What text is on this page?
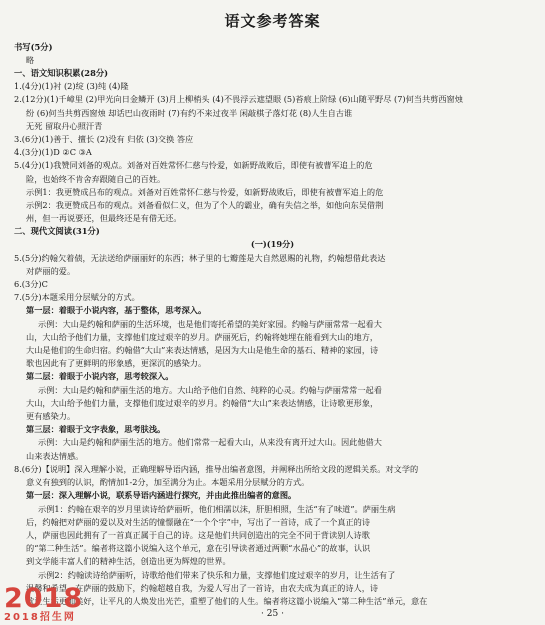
语文参考答案

书写(5分)

略

一、语文知识积累(28分)

1.(4分)(1)衬 (2)绽 (3)纯 (4)隆

2.(12分)(1)千嶂里 (2)甲光向日金鳞开 (3)月上柳梢头 (4)不畏浮云遮望眼 (5)苔痕上阶绿 (6)山随平野尽 (7)何当共剪西窗烛

纷 (6)何当共剪西窗烛 却话巴山夜雨时 (7)有约不来过夜半 闲敲棋子落灯花 (8)人生自古谁

无死 留取丹心照汗青

3.(6分)(1)善于、擅长 (2)没有 归依 (3)交换 答应

4.(3分)(1)D ②C ③A

5.(4分)(1)我赞同刘备的观点。刘备对百姓常怀仁慈与怜爱，如新野战败后，即使有被曹军追上的危

险，也始终不肯舍弃跟随自己的百姓。

示例1：我更赞成吕布的观点。刘备对百姓常怀仁慈与怜爱，如新野战败后，即使有被曹军追上的危

示例2：我更赞成吕布的观点。刘备看似仁义，但为了个人的霸业，确有失信之举，如他向东吴借荆

州，但一再说要还，但最终还是有借无还。

二、现代文阅读(31分)

(一)(19分)

5.(5分)约翰欠着债，无法送给萨丽丽好的东西；林子里的七瓣莲是大自然恩赐的礼物，约翰想借此表达

对萨丽的爱。

6.(3分)C

7.(5分)本题采用分层赋分的方式。

第一层：着眼于小说内容，基于整体，思考深入。

示例：大山是约翰和萨丽的生活环境，也是他们寄托希望的美好家园。约翰与萨丽常常一起看大

山，大山给予他们力量，支撑他们度过艰辛的岁月。萨丽死后，约翰将她埋在能看到大山的地方，

大山是他们的生命归宿。约翰借“大山”来表达情感，是因为大山是他生命的基石、精神的家园，诗

歌也因此有了更鲜明的形象感，更深沉的感染力。

第二层：着眼于小说内容，思考较深入。

示例：大山是约翰和萨丽生活的地方。大山给予他们自然、纯粹的心灵。约翰与萨丽常常一起看

大山，大山给予他们力量，支撑他们度过艰辛的岁月。约翰借“大山”来表达情感，让诗歌更形象，

更有感染力。

第三层：着眼于文字表象，思考肤浅。

示例：大山是约翰和萨丽生活的地方。他们常常一起看大山，从来没有离开过大山。因此他借大

山来表达情感。

8.(6分)【说明】深入理解小说，正确理解导语内涵，推导出编者意图，并阐释出所给文段的逻辑关系。对文学的

意义有独到的认识，酌情加1-2分，加至满分为止。本题采用分层赋分的方式。

第一层：深入理解小说，联系导语内涵进行探究，并由此推出编者的意图。

示例1：约翰在艰辛的岁月里读诗给萨丽听，他们相濡以沫，肝胆相照，生活“有了味道”。萨丽生病

后，约翰把对萨丽的爱以及对生活的憧憬融在“一个个字”中，写出了一首诗，成了一个真正的诗

人，萨丽也因此拥有了一首真正属于自己的诗。这是他们共同创造出的完全不同于背读别人诗歌

的“第二种生活”。编者将这篇小说编入这个单元，意在引导读者通过两颗“水晶心”的故事，认识

到文学能丰富人们的精神生活，创造出更为辉煌的世界。

示例2：约翰读诗给萨丽听，诗歌给他们带来了快乐和力量，支撑他们度过艰辛的岁月，让生活有了

温馨和希望。在萨丽的鼓励下，约翰超越自我，为爱人写出了一首诗，由农夫成为真正的诗人，诗

歌让生活更加美好，让平凡的人焕发出光芒，重塑了他们的人生。编者将这篇小说编入“第二种生活”单元，意在

· 25 ·
2018
2018招生网
